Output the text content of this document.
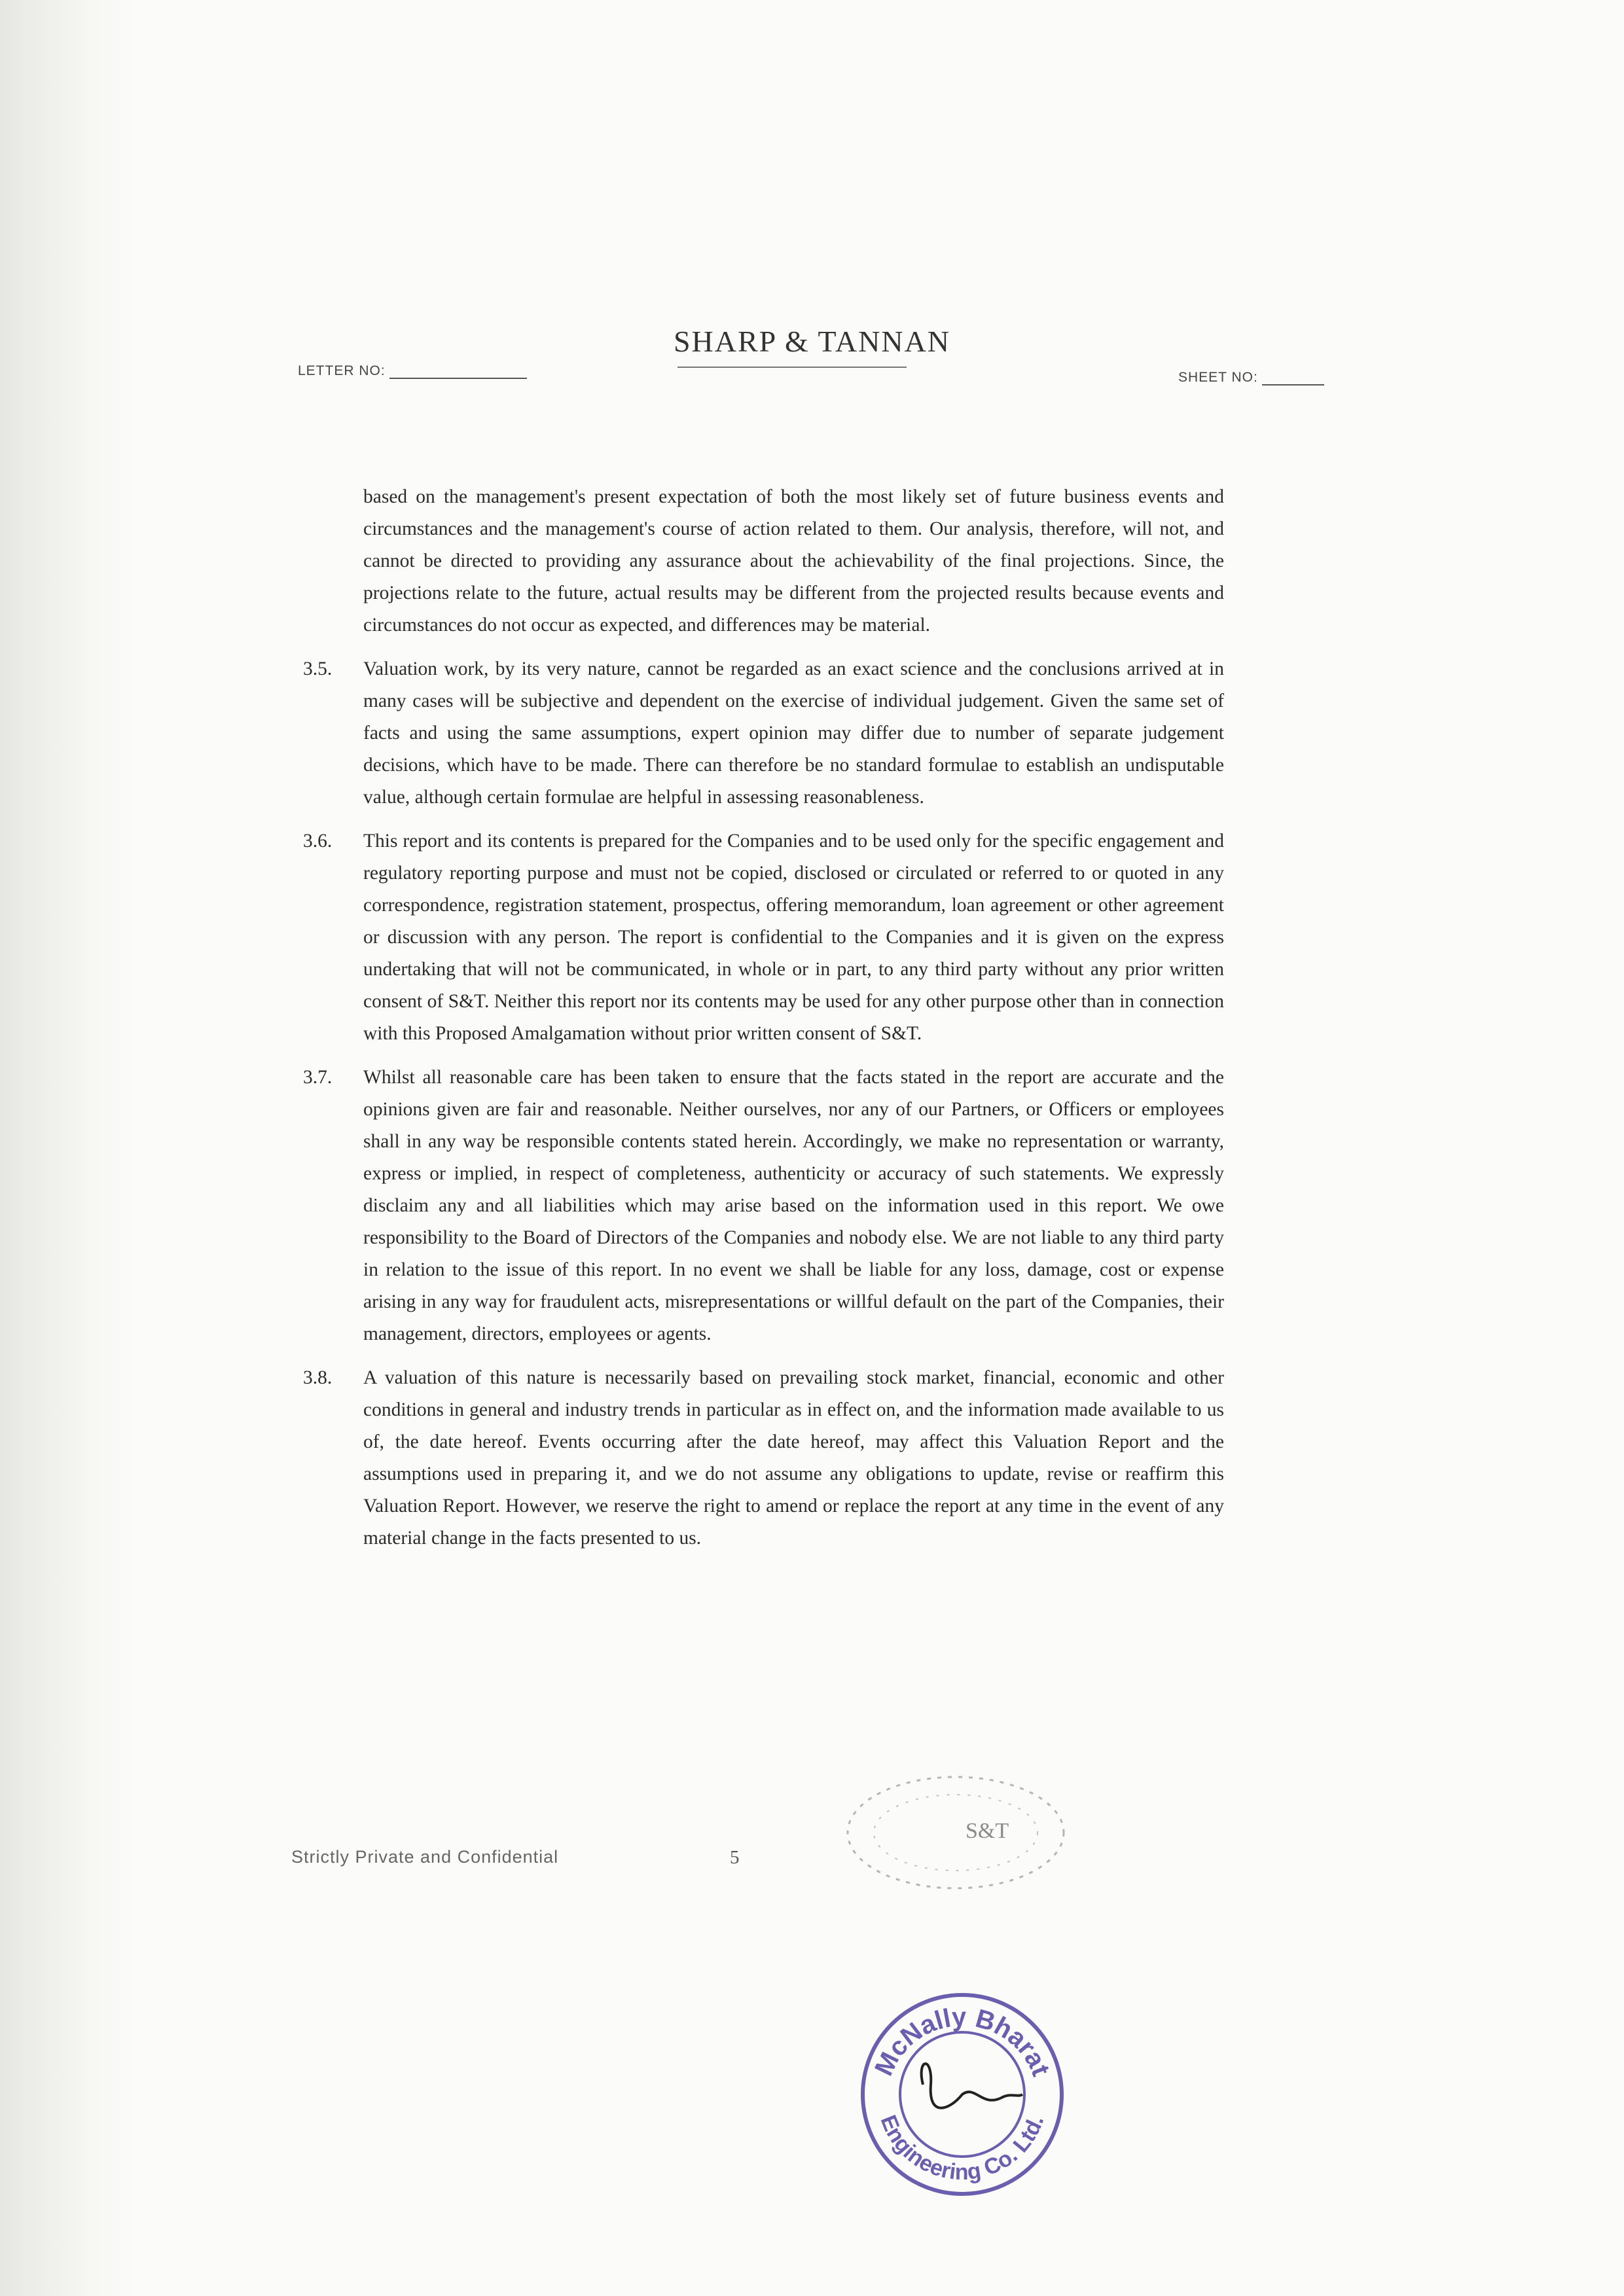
LETTER NO:
SHARP & TANNAN
SHEET NO:

based on the management's present expectation of both the most likely set of future business events and circumstances and the management's course of action related to them. Our analysis, therefore, will not, and cannot be directed to providing any assurance about the achievability of the final projections. Since, the projections relate to the future, actual results may be different from the projected results because events and circumstances do not occur as expected, and differences may be material.

3.5. Valuation work, by its very nature, cannot be regarded as an exact science and the conclusions arrived at in many cases will be subjective and dependent on the exercise of individual judgement. Given the same set of facts and using the same assumptions, expert opinion may differ due to number of separate judgement decisions, which have to be made. There can therefore be no standard formulae to establish an undisputable value, although certain formulae are helpful in assessing reasonableness.
3.6. This report and its contents is prepared for the Companies and to be used only for the specific engagement and regulatory reporting purpose and must not be copied, disclosed or circulated or referred to or quoted in any correspondence, registration statement, prospectus, offering memorandum, loan agreement or other agreement or discussion with any person. The report is confidential to the Companies and it is given on the express undertaking that will not be communicated, in whole or in part, to any third party without any prior written consent of S&T. Neither this report nor its contents may be used for any other purpose other than in connection with this Proposed Amalgamation without prior written consent of S&T.
3.7. Whilst all reasonable care has been taken to ensure that the facts stated in the report are accurate and the opinions given are fair and reasonable. Neither ourselves, nor any of our Partners, or Officers or employees shall in any way be responsible contents stated herein. Accordingly, we make no representation or warranty, express or implied, in respect of completeness, authenticity or accuracy of such statements. We expressly disclaim any and all liabilities which may arise based on the information used in this report. We owe responsibility to the Board of Directors of the Companies and nobody else. We are not liable to any third party in relation to the issue of this report. In no event we shall be liable for any loss, damage, cost or expense arising in any way for fraudulent acts, misrepresentations or willful default on the part of the Companies, their management, directors, employees or agents.
3.8. A valuation of this nature is necessarily based on prevailing stock market, financial, economic and other conditions in general and industry trends in particular as in effect on, and the information made available to us of, the date hereof. Events occurring after the date hereof, may affect this Valuation Report and the assumptions used in preparing it, and we do not assume any obligations to update, revise or reaffirm this Valuation Report. However, we reserve the right to amend or replace the report at any time in the event of any material change in the facts presented to us.
Strictly Private and Confidential	5
S&T
McNally Bharat
Engineering Co. Ltd.
